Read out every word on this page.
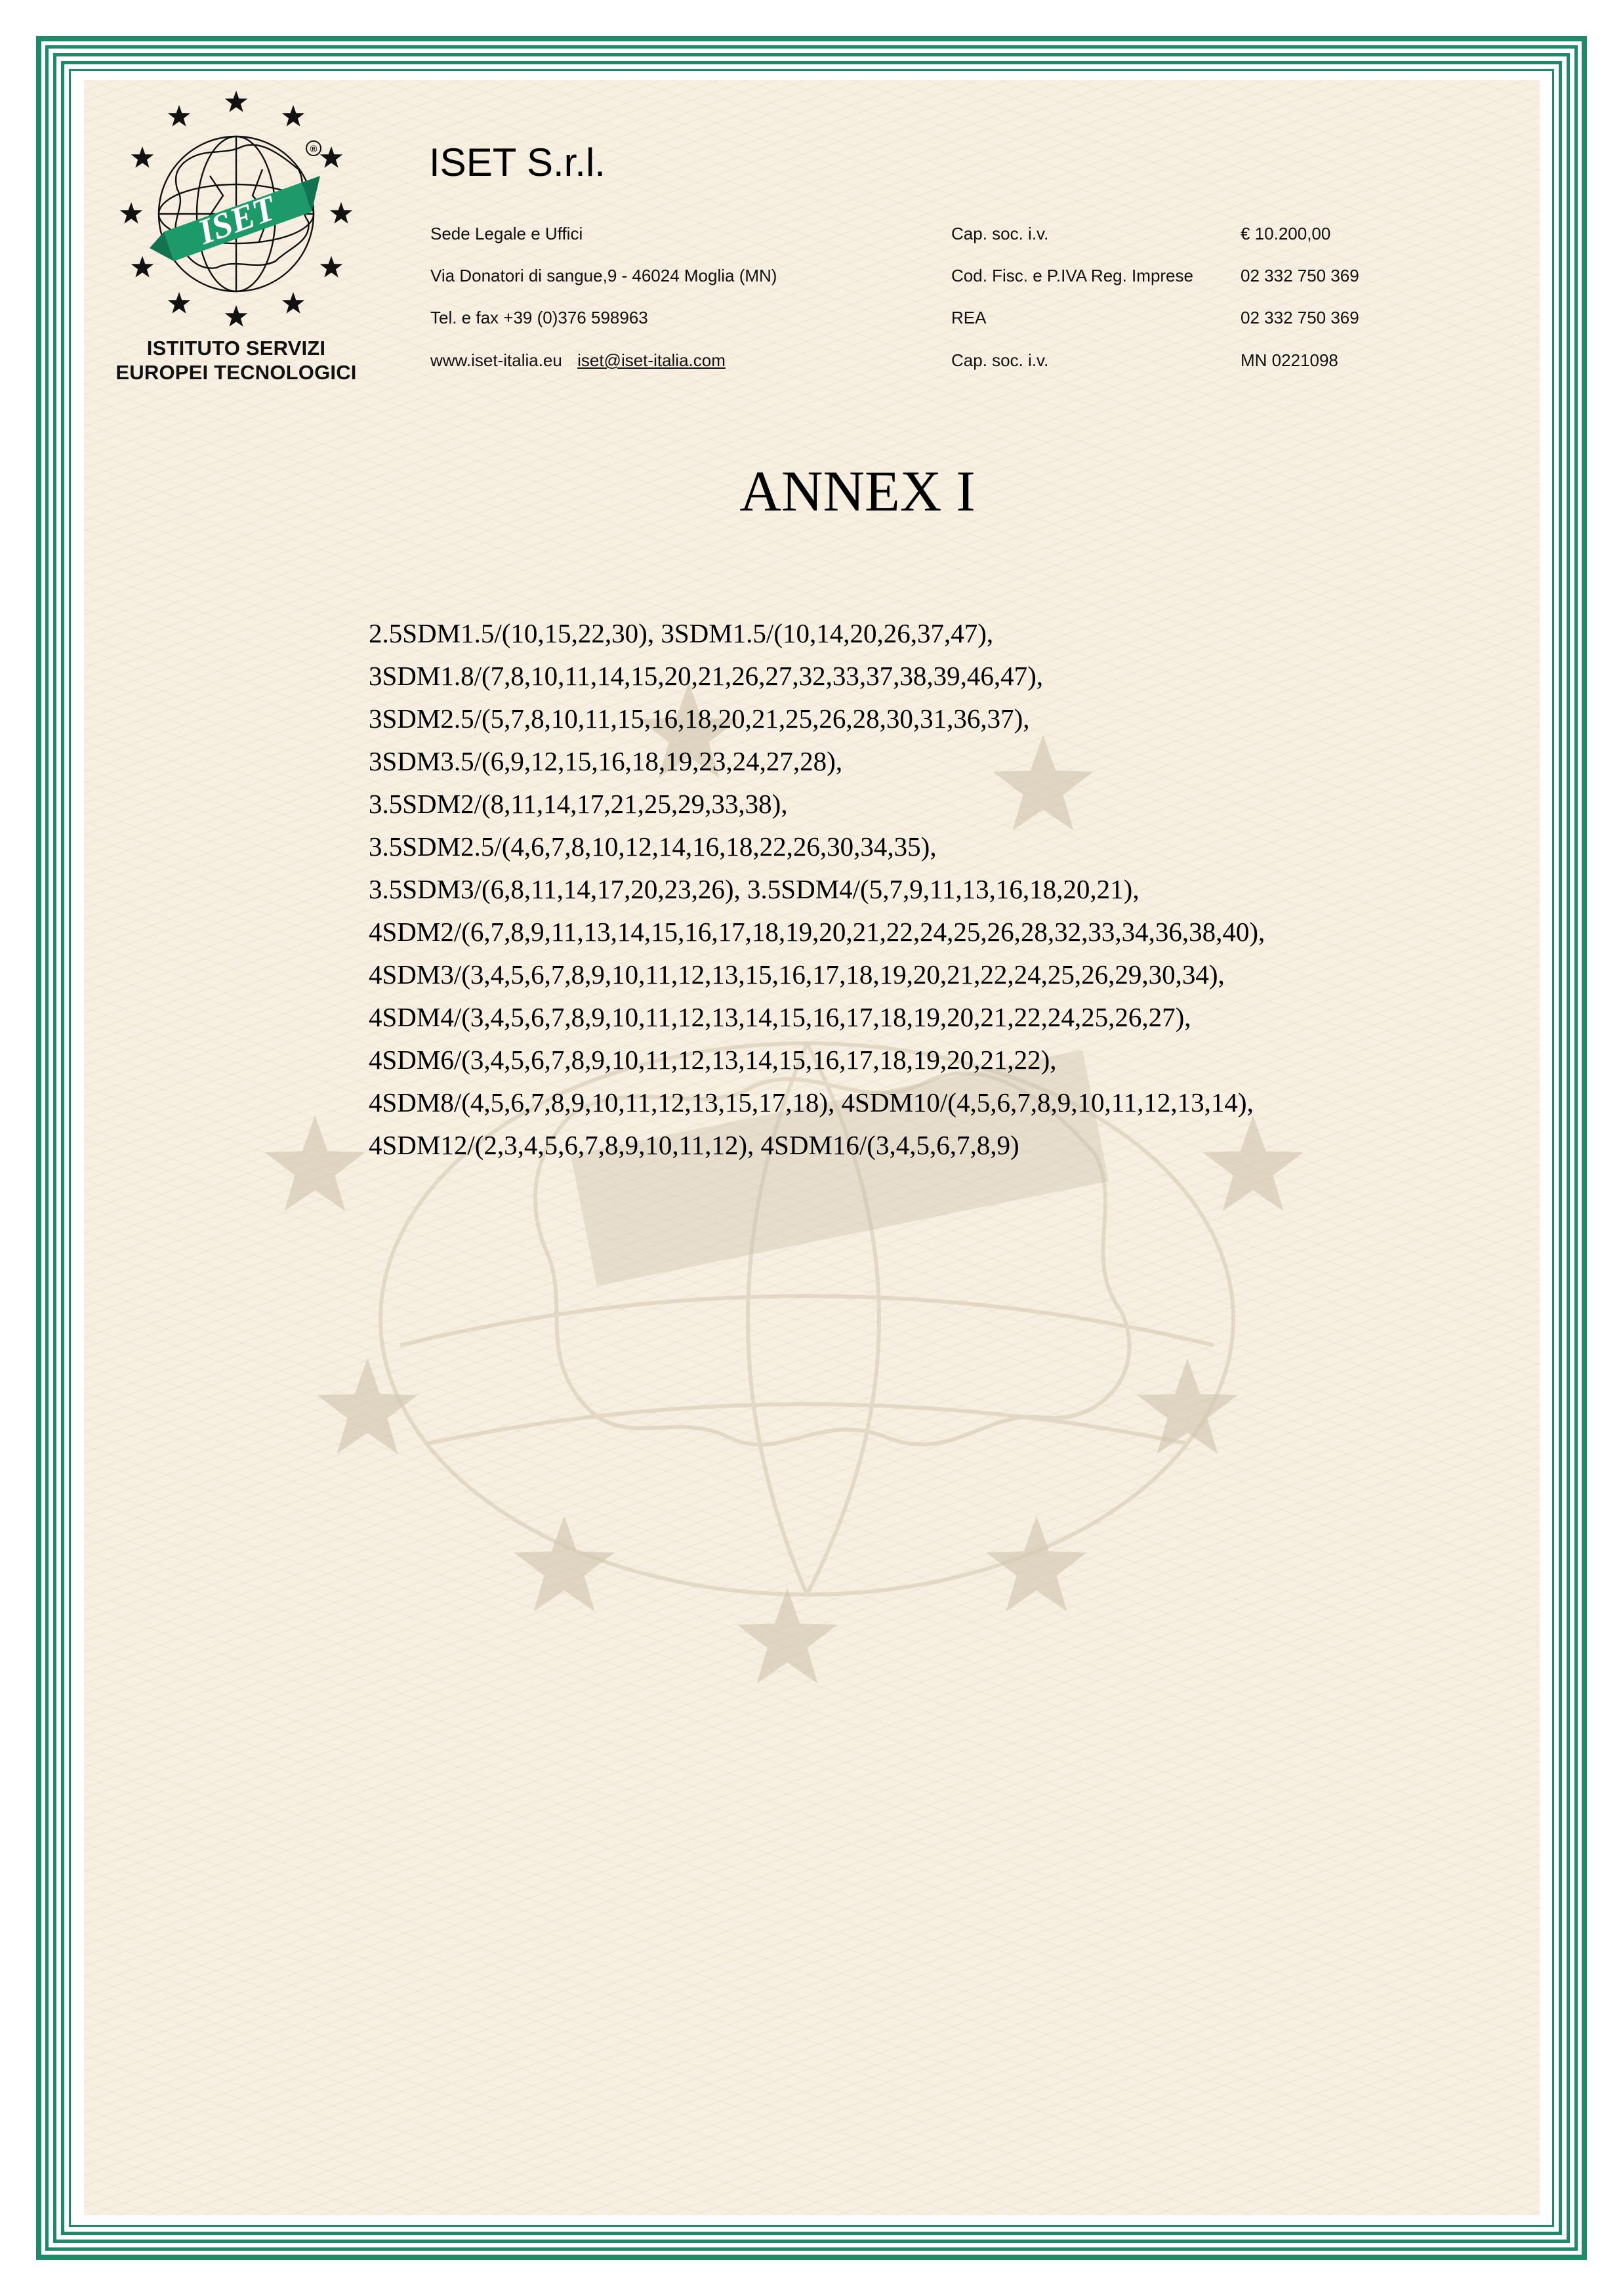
®
ISET
ISTITUTO SERVIZI
EUROPEI TECNOLOGICI
ISET S.r.l.
Sede Legale e Uffici
Via Donatori di sangue,9 - 46024 Moglia (MN)
Tel. e fax +39 (0)376 598963
www.iset-italia.eu iset@iset-italia.com
Cap. soc. i.v.
Cod. Fisc. e P.IVA Reg. Imprese
REA
Cap. soc. i.v.
€ 10.200,00
02 332 750 369
02 332 750 369
MN 0221098
ANNEX I
2.5SDM1.5/(10,15,22,30), 3SDM1.5/(10,14,20,26,37,47),
3SDM1.8/(7,8,10,11,14,15,20,21,26,27,32,33,37,38,39,46,47),
3SDM2.5/(5,7,8,10,11,15,16,18,20,21,25,26,28,30,31,36,37),
3SDM3.5/(6,9,12,15,16,18,19,23,24,27,28),
3.5SDM2/(8,11,14,17,21,25,29,33,38),
3.5SDM2.5/(4,6,7,8,10,12,14,16,18,22,26,30,34,35),
3.5SDM3/(6,8,11,14,17,20,23,26), 3.5SDM4/(5,7,9,11,13,16,18,20,21),
4SDM2/(6,7,8,9,11,13,14,15,16,17,18,19,20,21,22,24,25,26,28,32,33,34,36,38,40),
4SDM3/(3,4,5,6,7,8,9,10,11,12,13,15,16,17,18,19,20,21,22,24,25,26,29,30,34),
4SDM4/(3,4,5,6,7,8,9,10,11,12,13,14,15,16,17,18,19,20,21,22,24,25,26,27),
4SDM6/(3,4,5,6,7,8,9,10,11,12,13,14,15,16,17,18,19,20,21,22),
4SDM8/(4,5,6,7,8,9,10,11,12,13,15,17,18), 4SDM10/(4,5,6,7,8,9,10,11,12,13,14),
4SDM12/(2,3,4,5,6,7,8,9,10,11,12), 4SDM16/(3,4,5,6,7,8,9)
